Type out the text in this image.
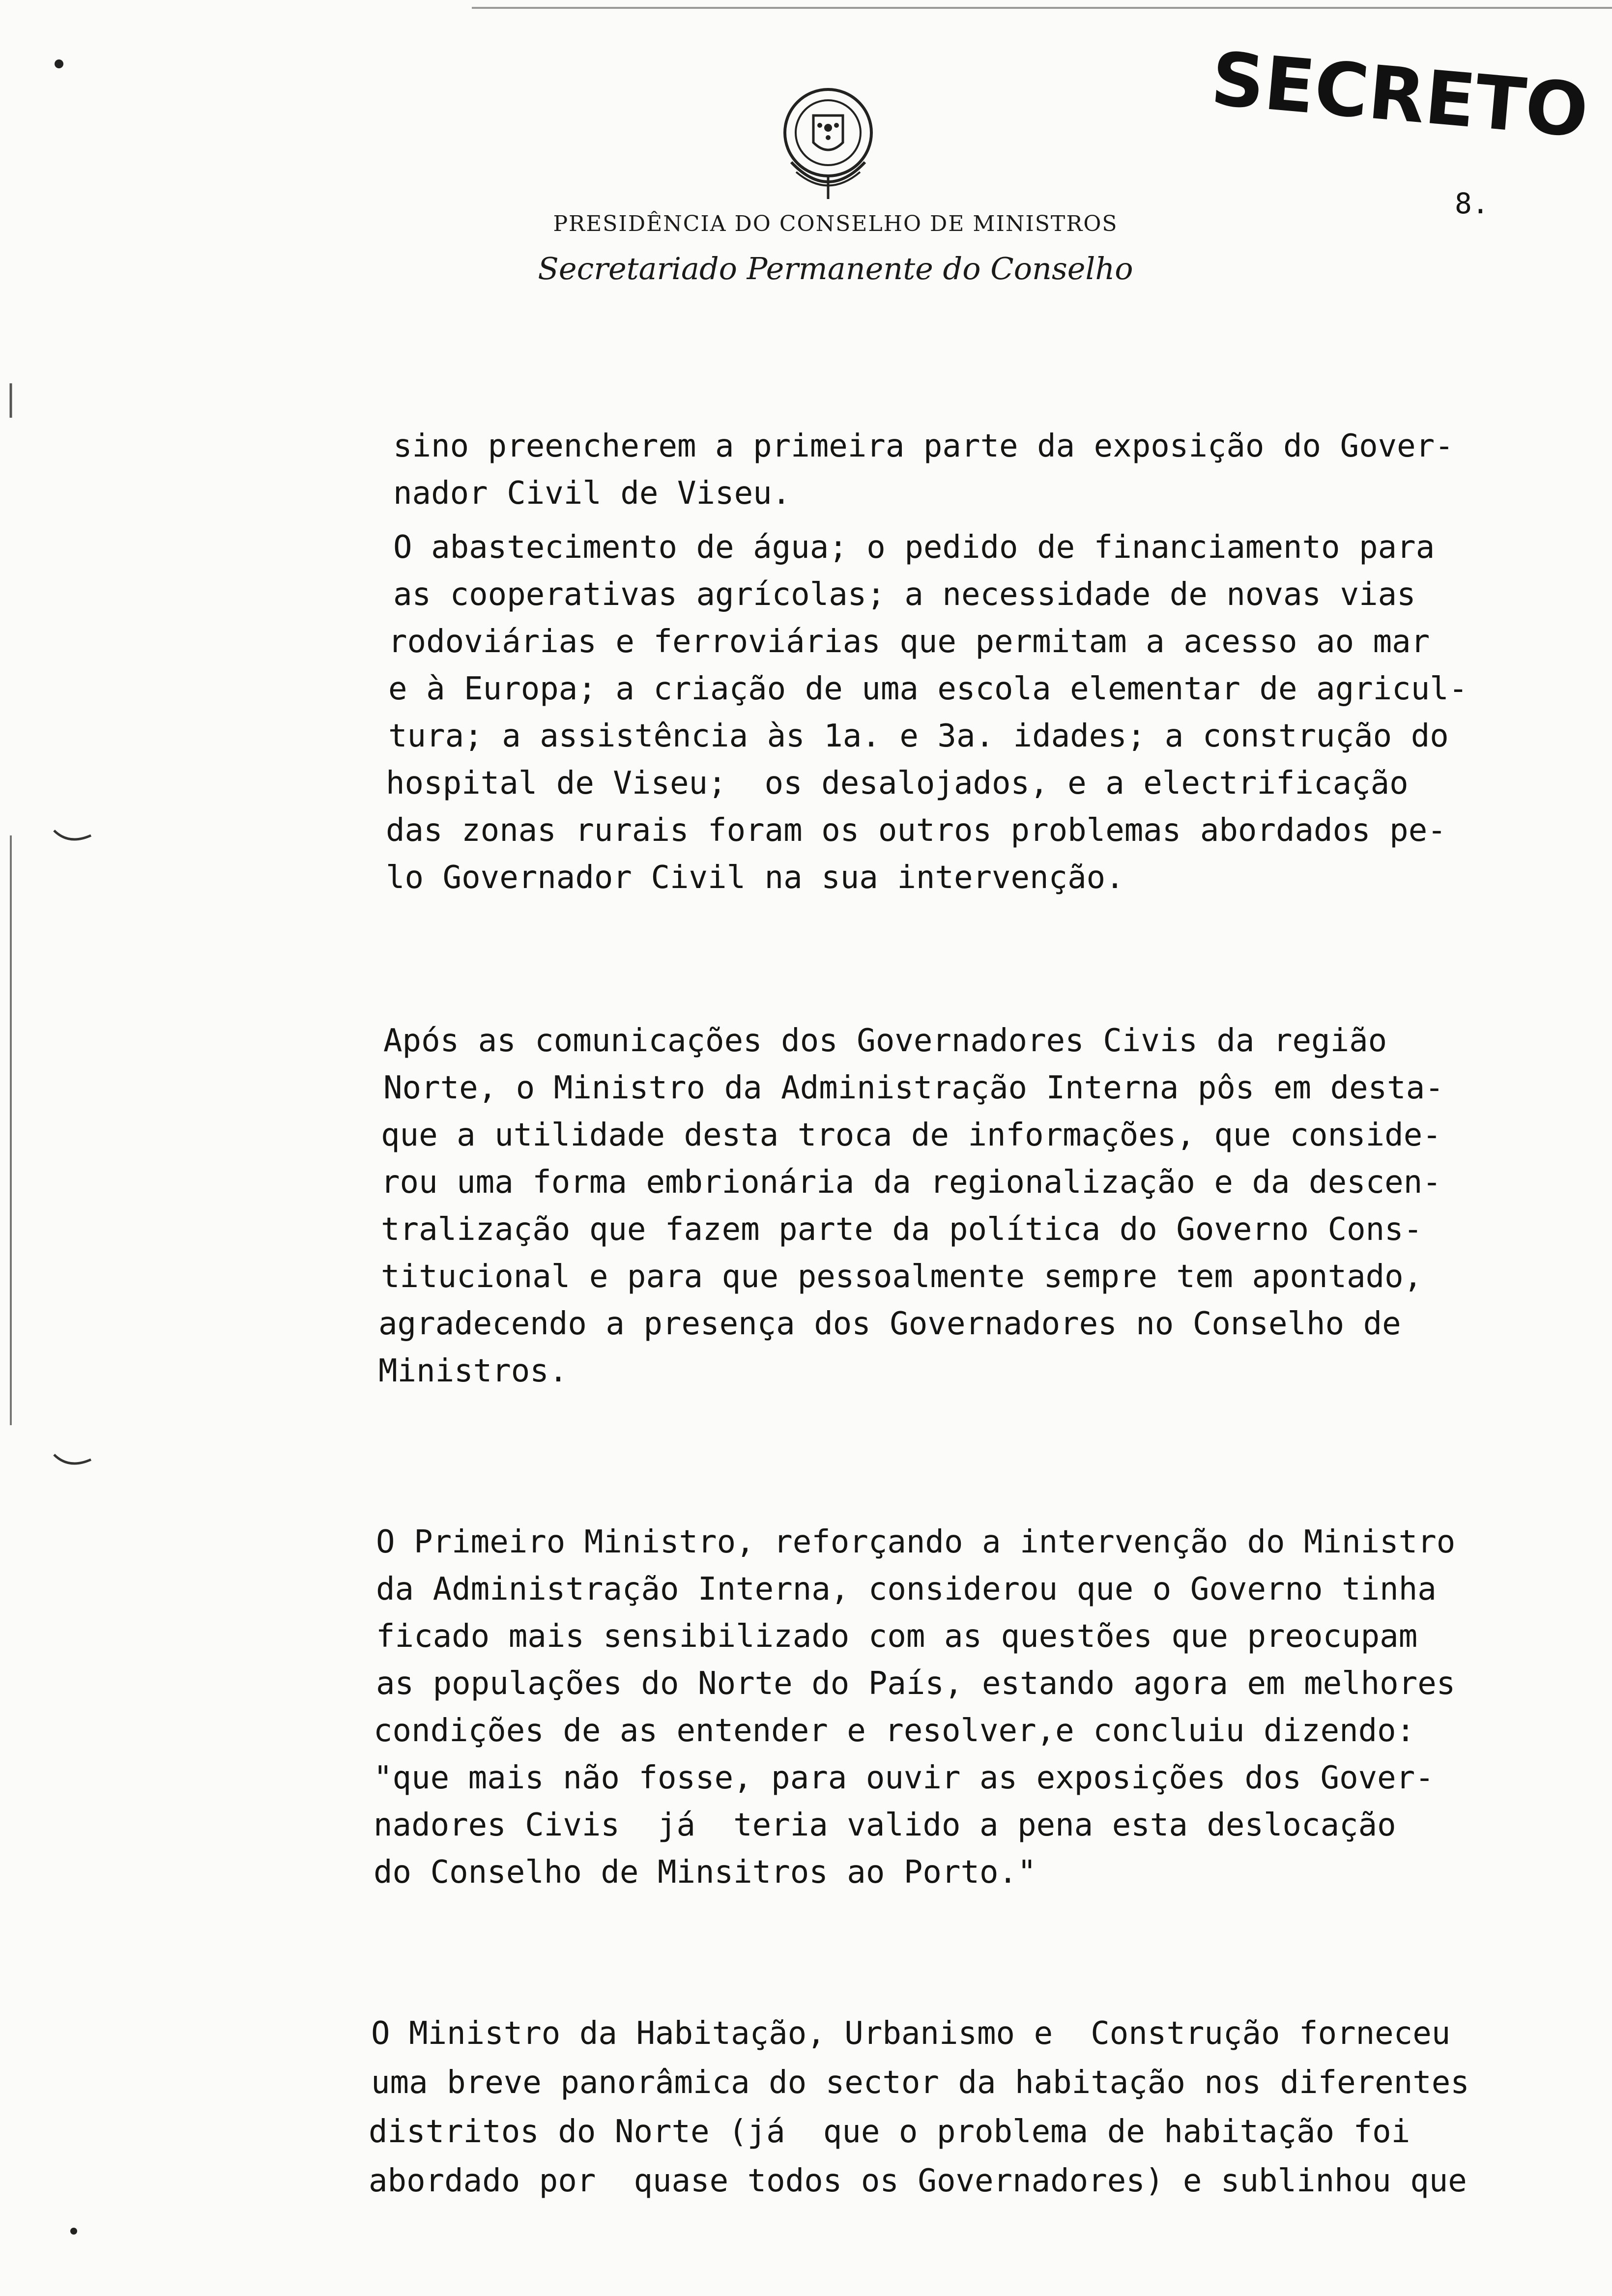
PRESIDÊNCIA DO CONSELHO DE MINISTROS
Secretariado Permanente do Conselho
SECRETO
8.
sino preencherem a primeira parte da exposição do Gover-
nador Civil de Viseu.
O abastecimento de água; o pedido de financiamento para
as cooperativas agrícolas; a necessidade de novas vias
rodoviárias e ferroviárias que permitam a acesso ao mar
e à Europa; a criação de uma escola elementar de agricul-
tura; a assistência às 1a. e 3a. idades; a construção do
hospital de Viseu;  os desalojados, e a electrificação
das zonas rurais foram os outros problemas abordados pe-
lo Governador Civil na sua intervenção.
Após as comunicações dos Governadores Civis da região
Norte, o Ministro da Administração Interna pôs em desta-
que a utilidade desta troca de informações, que conside-
rou uma forma embrionária da regionalização e da descen-
tralização que fazem parte da política do Governo Cons-
titucional e para que pessoalmente sempre tem apontado,
agradecendo a presença dos Governadores no Conselho de
Ministros.
O Primeiro Ministro, reforçando a intervenção do Ministro
da Administração Interna, considerou que o Governo tinha
ficado mais sensibilizado com as questões que preocupam
as populações do Norte do País, estando agora em melhores
condições de as entender e resolver,e concluiu dizendo:
"que mais não fosse, para ouvir as exposições dos Gover-
nadores Civis  já  teria valido a pena esta deslocação
do Conselho de Minsitros ao Porto."
O Ministro da Habitação, Urbanismo e  Construção forneceu
uma breve panorâmica do sector da habitação nos diferentes
distritos do Norte (já  que o problema de habitação foi
abordado por  quase todos os Governadores) e sublinhou que
